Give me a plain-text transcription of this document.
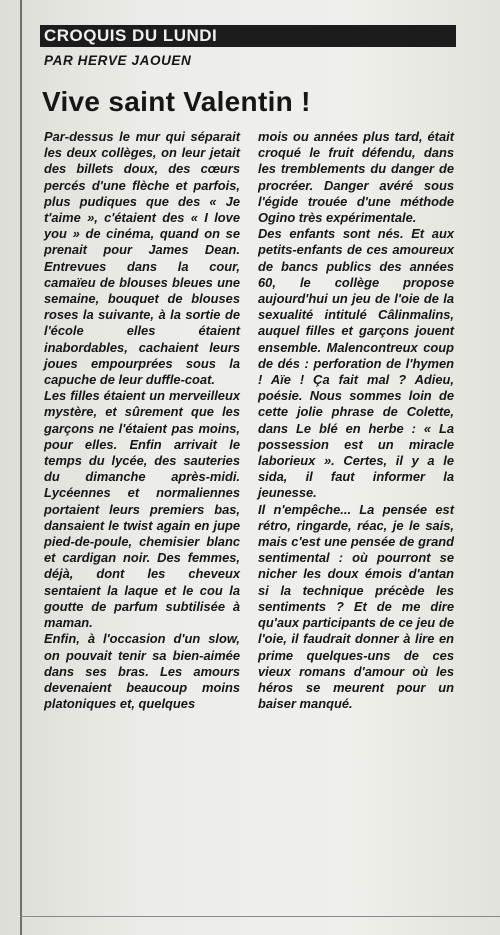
CROQUIS DU LUNDI
PAR HERVE JAOUEN
Vive saint Valentin !

Par-dessus le mur qui séparait les deux collèges, on leur jetait des billets doux, des cœurs percés d'une flèche et parfois, plus pudiques que des « Je t'aime », c'étaient des « I love you » de cinéma, quand on se prenait pour James Dean. Entrevues dans la cour, camaïeu de blouses bleues une semaine, bouquet de blouses roses la suivante, à la sortie de l'école elles étaient inabordables, cachaient leurs joues empourprées sous la capuche de leur duffle-coat.

Les filles étaient un merveilleux mystère, et sûrement que les garçons ne l'étaient pas moins, pour elles. Enfin arrivait le temps du lycée, des sauteries du dimanche après-midi. Lycéennes et normaliennes portaient leurs premiers bas, dansaient le twist again en jupe pied-de-poule, chemisier blanc et cardigan noir. Des femmes, déjà, dont les cheveux sentaient la laque et le cou la goutte de parfum subtilisée à maman.

Enfin, à l'occasion d'un slow, on pouvait tenir sa bien-aimée dans ses bras. Les amours devenaient beaucoup moins platoniques et, quelques

mois ou années plus tard, était croqué le fruit défendu, dans les tremblements du danger de procréer. Danger avéré sous l'égide trouée d'une méthode Ogino très expérimentale.

Des enfants sont nés. Et aux petits-enfants de ces amoureux de bancs publics des années 60, le collège propose aujourd'hui un jeu de l'oie de la sexualité intitulé Câlinmalins, auquel filles et garçons jouent ensemble. Malencontreux coup de dés : perforation de l'hymen ! Aïe ! Ça fait mal ? Adieu, poésie. Nous sommes loin de cette jolie phrase de Colette, dans Le blé en herbe : « La possession est un miracle laborieux ». Certes, il y a le sida, il faut informer la jeunesse.

Il n'empêche... La pensée est rétro, ringarde, réac, je le sais, mais c'est une pensée de grand sentimental : où pourront se nicher les doux émois d'antan si la technique précède les sentiments ? Et de me dire qu'aux participants de ce jeu de l'oie, il faudrait donner à lire en prime quelques-uns de ces vieux romans d'amour où les héros se meurent pour un baiser manqué.
